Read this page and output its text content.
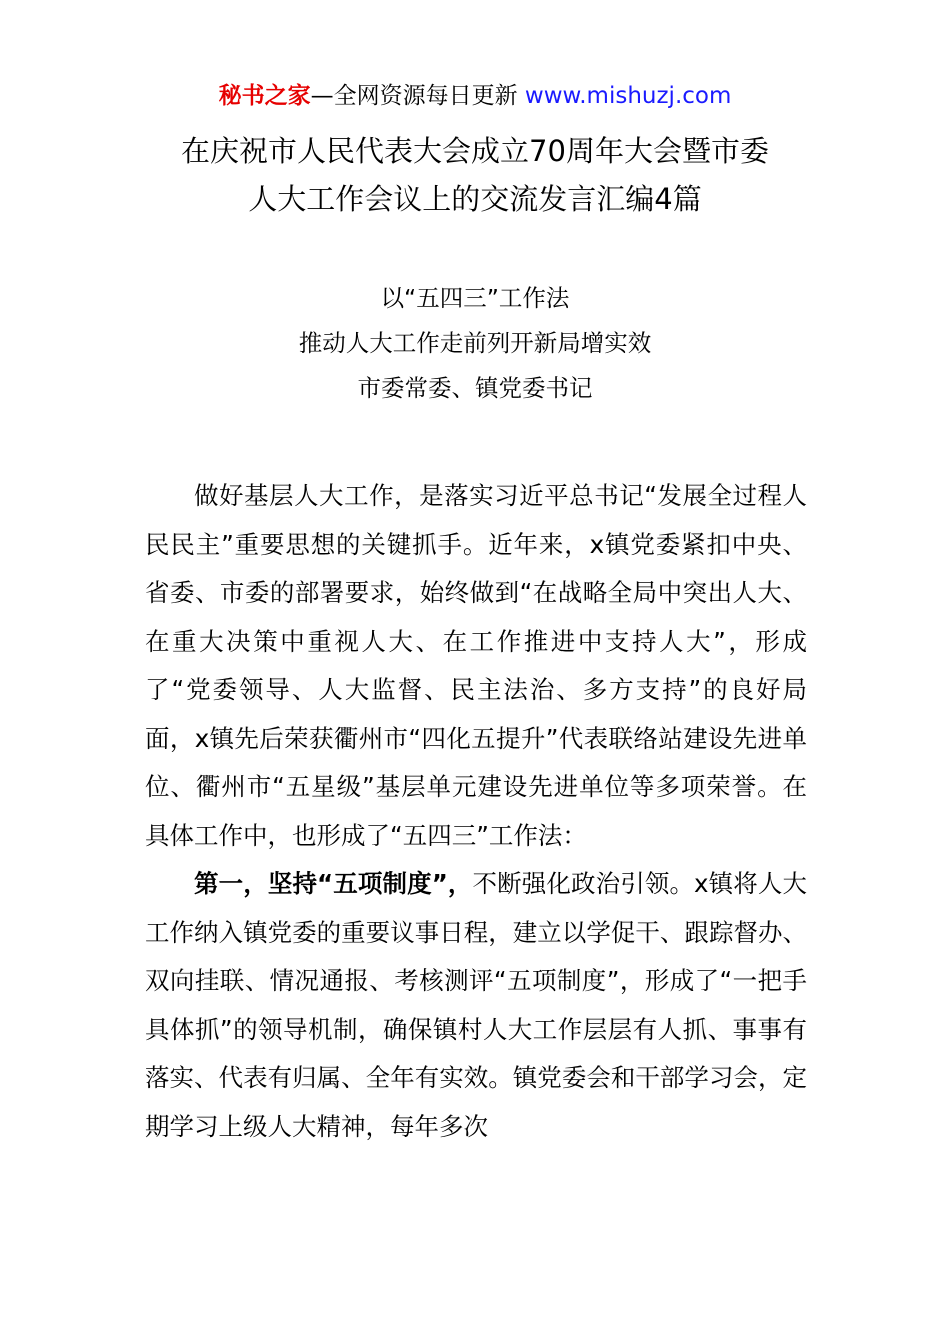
秘书之家—全网资源每日更新 www.mishuzj.com
在庆祝市人民代表大会成立70周年大会暨市委
人大工作会议上的交流发言汇编4篇
以“五四三”工作法
推动人大工作走前列开新局增实效
市委常委、镇党委书记

做好基层人大工作，是落实习近平总书记“发展全过程人民民主”重要思想的关键抓手。近年来，x镇党委紧扣中央、省委、市委的部署要求，始终做到“在战略全局中突出人大、在重大决策中重视人大、在工作推进中支持人大”，形成了“党委领导、人大监督、民主法治、多方支持”的良好局面，x镇先后荣获衢州市“四化五提升”代表联络站建设先进单位、衢州市“五星级”基层单元建设先进单位等多项荣誉。在具体工作中，也形成了“五四三”工作法：

第一，坚持“五项制度”，不断强化政治引领。x镇将人大工作纳入镇党委的重要议事日程，建立以学促干、跟踪督办、双向挂联、情况通报、考核测评“五项制度”，形成了“一把手具体抓”的领导机制，确保镇村人大工作层层有人抓、事事有落实、代表有归属、全年有实效。镇党委会和干部学习会，定期学习上级人大精神，每年多次
